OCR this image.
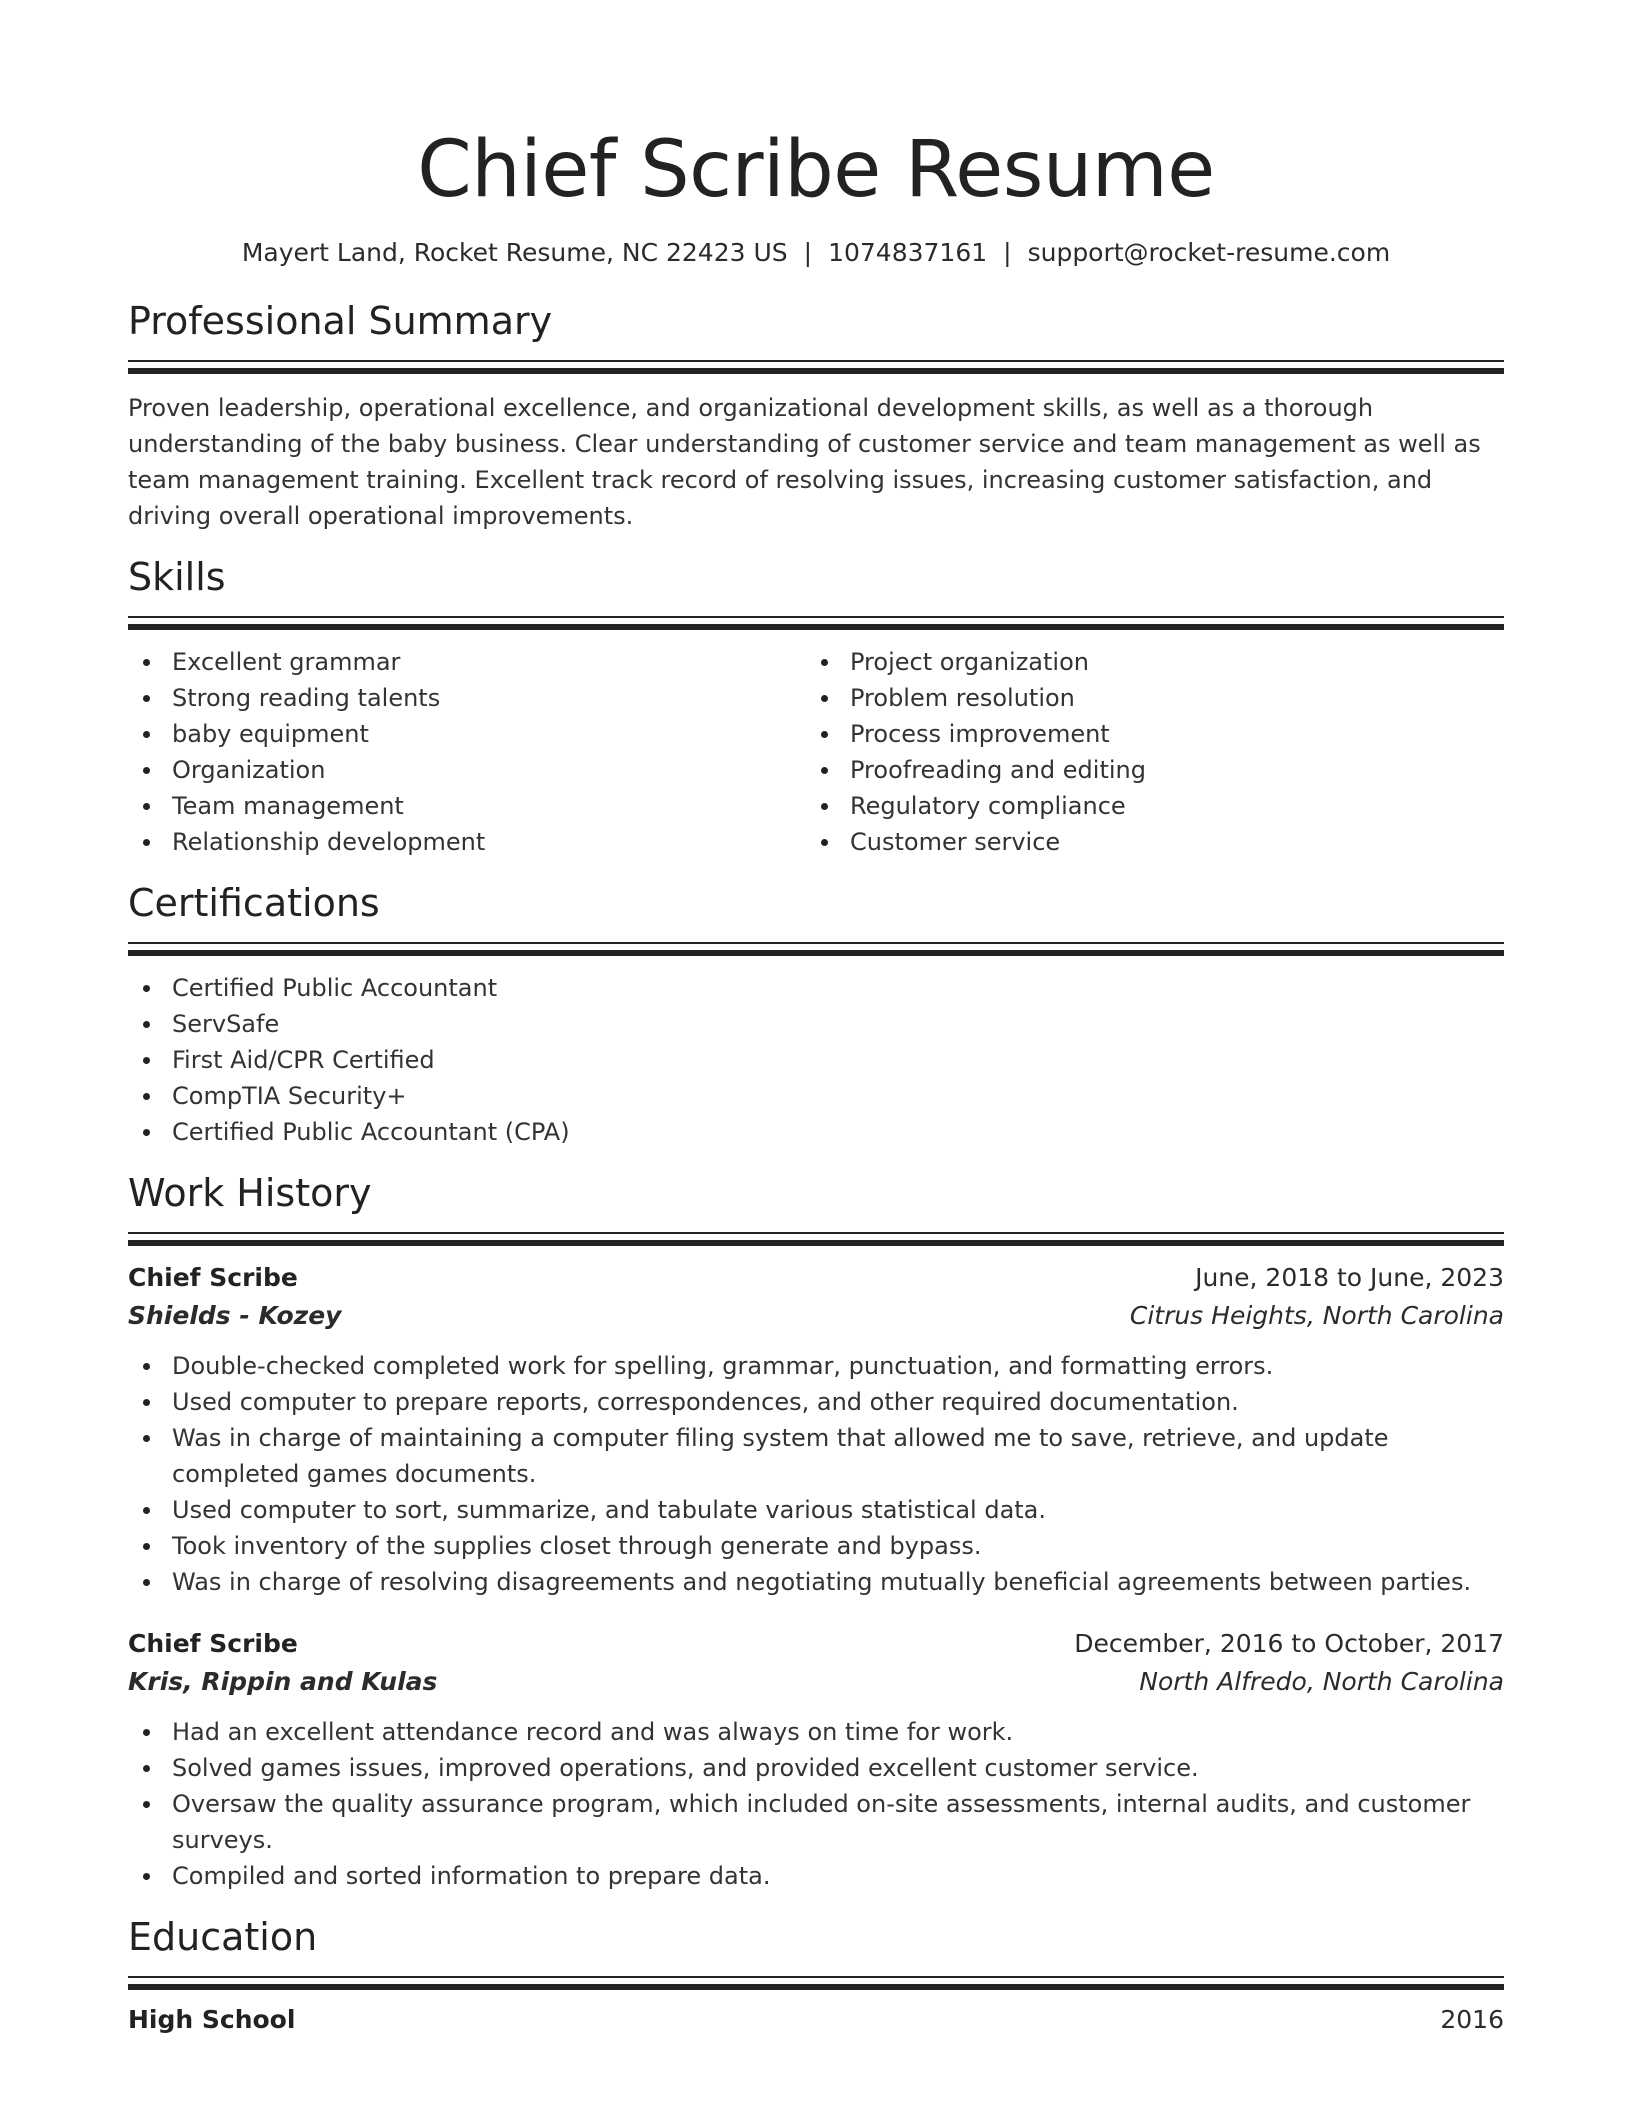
Chief Scribe Resume
Mayert Land, Rocket Resume, NC 22423 US | 1074837161 | support@rocket-resume.com
Professional Summary

Proven leadership, operational excellence, and organizational development skills, as well as a thorough understanding of the baby business. Clear understanding of customer service and team management as well as team management training. Excellent track record of resolving issues, increasing customer satisfaction, and driving overall operational improvements.

Skills
Excellent grammar
Strong reading talents
baby equipment
Organization
Team management
Relationship development
Project organization
Problem resolution
Process improvement
Proofreading and editing
Regulatory compliance
Customer service
Certifications
Certified Public Accountant
ServSafe
First Aid/CPR Certified
CompTIA Security+
Certified Public Accountant (CPA)
Work History
Chief Scribe	June, 2018 to June, 2023
Shields - Kozey	Citrus Heights, North Carolina
Double-checked completed work for spelling, grammar, punctuation, and formatting errors.
Used computer to prepare reports, correspondences, and other required documentation.
Was in charge of maintaining a computer filing system that allowed me to save, retrieve, and update completed games documents.
Used computer to sort, summarize, and tabulate various statistical data.
Took inventory of the supplies closet through generate and bypass.
Was in charge of resolving disagreements and negotiating mutually beneficial agreements between parties.
Chief Scribe	December, 2016 to October, 2017
Kris, Rippin and Kulas	North Alfredo, North Carolina
Had an excellent attendance record and was always on time for work.
Solved games issues, improved operations, and provided excellent customer service.
Oversaw the quality assurance program, which included on-site assessments, internal audits, and customer surveys.
Compiled and sorted information to prepare data.
Education
High School	2016
